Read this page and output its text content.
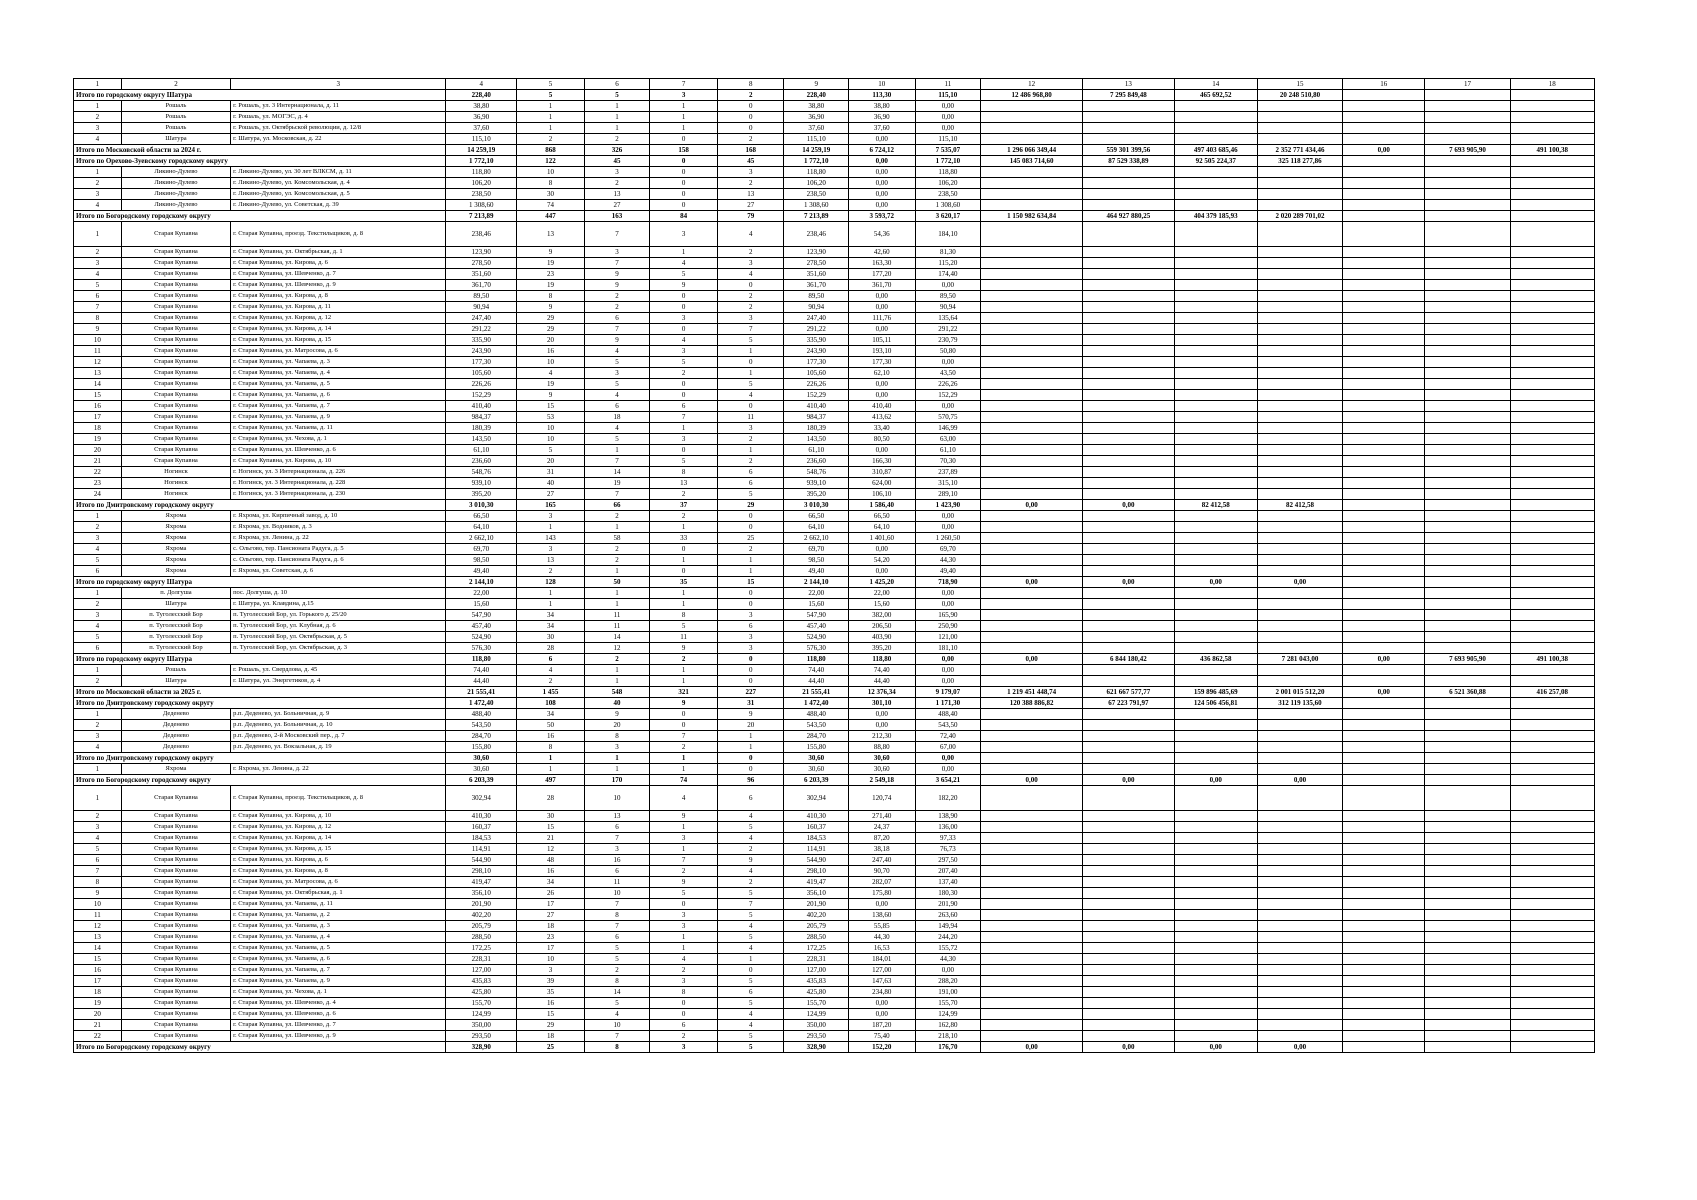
1	2	3	4	5	6	7	8	9	10	11	12	13	14	15	16	17	18
Итого по городскому округу Шатура			228,40	5	5	3	2	228,40	113,30	115,10	12 486 968,80	7 295 849,48	465 692,52	20 248 510,80			
1	Рошаль	г. Рошаль, ул. 3 Интернационала, д. 11	38,80	1	1	1	0	38,80	38,80	0,00							
2	Рошаль	г. Рошаль, ул. МОГЭС, д. 4	36,90	1	1	1	0	36,90	36,90	0,00							
3	Рошаль	г. Рошаль, ул. Октябрьской революции, д. 12/8	37,60	1	1	1	0	37,60	37,60	0,00							
4	Шатура	г. Шатура, ул. Московская, д. 22	115,10	2	2	0	2	115,10	0,00	115,10							
Итого по Московской области за 2024 г.			14 259,19	868	326	158	168	14 259,19	6 724,12	7 535,07	1 296 066 349,44	559 301 399,56	497 403 685,46	2 352 771 434,46	0,00	7 693 905,90	491 100,38
Итого по Орехово-Зуевскому городскому округу			1 772,10	122	45	0	45	1 772,10	0,00	1 772,10	145 083 714,60	87 529 338,89	92 505 224,37	325 118 277,86			
1	Ликино-Дулево	г. Ликино-Дулево, ул. 30 лет ВЛКСМ, д. 11	118,80	10	3	0	3	118,80	0,00	118,80							
2	Ликино-Дулево	г. Ликино-Дулево, ул. Комсомольская, д. 4	106,20	8	2	0	2	106,20	0,00	106,20							
3	Ликино-Дулево	г. Ликино-Дулево, ул. Комсомольская, д. 5	238,50	30	13	0	13	238,50	0,00	238,50							
4	Ликино-Дулево	г. Ликино-Дулево, ул. Советская, д. 39	1 308,60	74	27	0	27	1 308,60	0,00	1 308,60							
Итого по Богородскому городскому округу			7 213,89	447	163	84	79	7 213,89	3 593,72	3 620,17	1 150 982 634,84	464 927 880,25	404 379 185,93	2 020 289 701,02			
1	Старая Купавна	г. Старая Купавна, проезд. Текстильщиков, д. 8	238,46	13	7	3	4	238,46	54,36	184,10							
2	Старая Купавна	г. Старая Купавна, ул. Октябрьская, д. 1	123,90	9	3	1	2	123,90	42,60	81,30							
3	Старая Купавна	г. Старая Купавна, ул. Кирова, д. 6	278,50	19	7	4	3	278,50	163,30	115,20							
4	Старая Купавна	г. Старая Купавна, ул. Шевченко, д. 7	351,60	23	9	5	4	351,60	177,20	174,40							
5	Старая Купавна	г. Старая Купавна, ул. Шевченко, д. 9	361,70	19	9	9	0	361,70	361,70	0,00							
6	Старая Купавна	г. Старая Купавна, ул. Кирова, д. 8	89,50	8	2	0	2	89,50	0,00	89,50							
7	Старая Купавна	г. Старая Купавна, ул. Кирова, д. 11	90,94	9	2	0	2	90,94	0,00	90,94							
8	Старая Купавна	г. Старая Купавна, ул. Кирова, д. 12	247,40	29	6	3	3	247,40	111,76	135,64							
9	Старая Купавна	г. Старая Купавна, ул. Кирова, д. 14	291,22	29	7	0	7	291,22	0,00	291,22							
10	Старая Купавна	г. Старая Купавна, ул. Кирова, д. 15	335,90	20	9	4	5	335,90	105,11	230,79							
11	Старая Купавна	г. Старая Купавна, ул. Матросова, д. 6	243,90	16	4	3	1	243,90	193,10	50,80							
12	Старая Купавна	г. Старая Купавна, ул. Чапаева, д. 3	177,30	10	5	5	0	177,30	177,30	0,00							
13	Старая Купавна	г. Старая Купавна, ул. Чапаева, д. 4	105,60	4	3	2	1	105,60	62,10	43,50							
14	Старая Купавна	г. Старая Купавна, ул. Чапаева, д. 5	226,26	19	5	0	5	226,26	0,00	226,26							
15	Старая Купавна	г. Старая Купавна, ул. Чапаева, д. 6	152,29	9	4	0	4	152,29	0,00	152,29							
16	Старая Купавна	г. Старая Купавна, ул. Чапаева, д. 7	410,40	15	6	6	0	410,40	410,40	0,00							
17	Старая Купавна	г. Старая Купавна, ул. Чапаева, д. 9	984,37	53	18	7	11	984,37	413,62	570,75							
18	Старая Купавна	г. Старая Купавна, ул. Чапаева, д. 11	180,39	10	4	1	3	180,39	33,40	146,99							
19	Старая Купавна	г. Старая Купавна, ул. Чехова, д. 1	143,50	10	5	3	2	143,50	80,50	63,00							
20	Старая Купавна	г. Старая Купавна, ул. Шевченко, д. 6	61,10	5	1	0	1	61,10	0,00	61,10							
21	Старая Купавна	г. Старая Купавна, ул. Кирова, д. 10	236,60	20	7	5	2	236,60	166,30	70,30							
22	Ногинск	г. Ногинск, ул. 3 Интернационала, д. 226	548,76	31	14	8	6	548,76	310,87	237,89							
23	Ногинск	г. Ногинск, ул. 3 Интернационала, д. 228	939,10	40	19	13	6	939,10	624,00	315,10							
24	Ногинск	г. Ногинск, ул. 3 Интернационала, д. 230	395,20	27	7	2	5	395,20	106,10	289,10							
Итого по Дмитровскому городскому округу			3 010,30	165	66	37	29	3 010,30	1 586,40	1 423,90	0,00	0,00	82 412,58	82 412,58			
1	Яхрома	г. Яхрома, ул. Кирпичный завод, д. 10	66,50	3	2	2	0	66,50	66,50	0,00							
2	Яхрома	г. Яхрома, ул. Водников, д. 3	64,10	1	1	1	0	64,10	64,10	0,00							
3	Яхрома	г. Яхрома, ул. Ленина, д. 22	2 662,10	143	58	33	25	2 662,10	1 401,60	1 260,50							
4	Яхрома	с. Ольгово, тер. Пансионата Радуга, д. 5	69,70	3	2	0	2	69,70	0,00	69,70							
5	Яхрома	с. Ольгово, тер. Пансионата Радуга, д. 6	98,50	13	2	1	1	98,50	54,20	44,30							
6	Яхрома	г. Яхрома, ул. Советская, д. 6	49,40	2	1	0	1	49,40	0,00	49,40							
Итого по городскому округу Шатура			2 144,10	128	50	35	15	2 144,10	1 425,20	718,90	0,00	0,00	0,00	0,00			
1	п. Долгуша	пос. Долгуша, д. 10	22,00	1	1	1	0	22,00	22,00	0,00							
2	Шатура	г. Шатура, ул. Клавдина, д.15	15,60	1	1	1	0	15,60	15,60	0,00							
3	п. Туголесский Бор	п. Туголесский Бор, ул. Горького д. 25/20	547,90	34	11	8	3	547,90	382,00	165,90							
4	п. Туголесский Бор	п. Туголесский Бор, ул. Клубная, д. 6	457,40	34	11	5	6	457,40	206,50	250,90							
5	п. Туголесский Бор	п. Туголесский Бор, ул. Октябрьская, д. 5	524,90	30	14	11	3	524,90	403,90	121,00							
6	п. Туголесский Бор	п. Туголесский Бор, ул. Октябрьская, д. 3	576,30	28	12	9	3	576,30	395,20	181,10							
Итого по городскому округу Шатура			118,80	6	2	2	0	118,80	118,80	0,00	0,00	6 844 180,42	436 862,58	7 281 043,00	0,00	7 693 905,90	491 100,38
1	Рошаль	г. Рошаль, ул. Свердлова, д. 45	74,40	4	1	1	0	74,40	74,40	0,00							
2	Шатура	г. Шатура, ул. Энергетиков, д. 4	44,40	2	1	1	0	44,40	44,40	0,00							
Итого по Московской области за 2025 г.			21 555,41	1 455	548	321	227	21 555,41	12 376,34	9 179,07	1 219 451 448,74	621 667 577,77	159 896 485,69	2 001 015 512,20	0,00	6 521 360,88	416 257,08
Итого по Дмитровскому городскому округу			1 472,40	108	40	9	31	1 472,40	301,10	1 171,30	120 388 886,82	67 223 791,97	124 506 456,81	312 119 135,60			
1	Деденево	р.п. Деденево, ул. Больничная, д. 9	488,40	34	9	0	9	488,40	0,00	488,40							
2	Деденево	р.п. Деденево, ул. Больничная, д. 10	543,50	50	20	0	20	543,50	0,00	543,50							
3	Деденево	р.п. Деденево, 2-й Московский пер., д. 7	284,70	16	8	7	1	284,70	212,30	72,40							
4	Деденево	р.п. Деденево, ул. Вокзальная, д. 19	155,80	8	3	2	1	155,80	88,80	67,00							
Итого по Дмитровскому городскому округу			30,60	1	1	1	0	30,60	30,60	0,00							
1	Яхрома	г. Яхрома, ул. Ленина, д. 22	30,60	1	1	1	0	30,60	30,60	0,00							
Итого по Богородскому городскому округу			6 203,39	497	170	74	96	6 203,39	2 549,18	3 654,21	0,00	0,00	0,00	0,00			
1	Старая Купавна	г. Старая Купавна, проезд. Текстильщиков, д. 8	302,94	28	10	4	6	302,94	120,74	182,20							
2	Старая Купавна	г. Старая Купавна, ул. Кирова, д. 10	410,30	30	13	9	4	410,30	271,40	138,90							
3	Старая Купавна	г. Старая Купавна, ул. Кирова, д. 12	160,37	15	6	1	5	160,37	24,37	136,00							
4	Старая Купавна	г. Старая Купавна, ул. Кирова, д. 14	184,53	21	7	3	4	184,53	87,20	97,33							
5	Старая Купавна	г. Старая Купавна, ул. Кирова, д. 15	114,91	12	3	1	2	114,91	38,18	76,73							
6	Старая Купавна	г. Старая Купавна, ул. Кирова, д. 6	544,90	48	16	7	9	544,90	247,40	297,50							
7	Старая Купавна	г. Старая Купавна, ул. Кирова, д. 8	298,10	16	6	2	4	298,10	90,70	207,40							
8	Старая Купавна	г. Старая Купавна, ул. Матросова, д. 6	419,47	34	11	9	2	419,47	282,07	137,40							
9	Старая Купавна	г. Старая Купавна, ул. Октябрьская, д. 1	356,10	26	10	5	5	356,10	175,80	180,30							
10	Старая Купавна	г. Старая Купавна, ул. Чапаева, д. 11	201,90	17	7	0	7	201,90	0,00	201,90							
11	Старая Купавна	г. Старая Купавна, ул. Чапаева, д. 2	402,20	27	8	3	5	402,20	138,60	263,60							
12	Старая Купавна	г. Старая Купавна, ул. Чапаева, д. 3	205,79	18	7	3	4	205,79	55,85	149,94							
13	Старая Купавна	г. Старая Купавна, ул. Чапаева, д. 4	288,50	23	6	1	5	288,50	44,30	244,20							
14	Старая Купавна	г. Старая Купавна, ул. Чапаева, д. 5	172,25	17	5	1	4	172,25	16,53	155,72							
15	Старая Купавна	г. Старая Купавна, ул. Чапаева, д. 6	228,31	10	5	4	1	228,31	184,01	44,30							
16	Старая Купавна	г. Старая Купавна, ул. Чапаева, д. 7	127,00	3	2	2	0	127,00	127,00	0,00							
17	Старая Купавна	г. Старая Купавна, ул. Чапаева, д. 9	435,83	39	8	3	5	435,83	147,63	288,20							
18	Старая Купавна	г. Старая Купавна, ул. Чехова, д. 1	425,80	35	14	8	6	425,80	234,80	191,00							
19	Старая Купавна	г. Старая Купавна, ул. Шевченко, д. 4	155,70	16	5	0	5	155,70	0,00	155,70							
20	Старая Купавна	г. Старая Купавна, ул. Шевченко, д. 6	124,99	15	4	0	4	124,99	0,00	124,99							
21	Старая Купавна	г. Старая Купавна, ул. Шевченко, д. 7	350,00	29	10	6	4	350,00	187,20	162,80							
22	Старая Купавна	г. Старая Купавна, ул. Шевченко, д. 9	293,50	18	7	2	5	293,50	75,40	218,10							
Итого по Богородскому городскому округу			328,90	25	8	3	5	328,90	152,20	176,70	0,00	0,00	0,00	0,00			
